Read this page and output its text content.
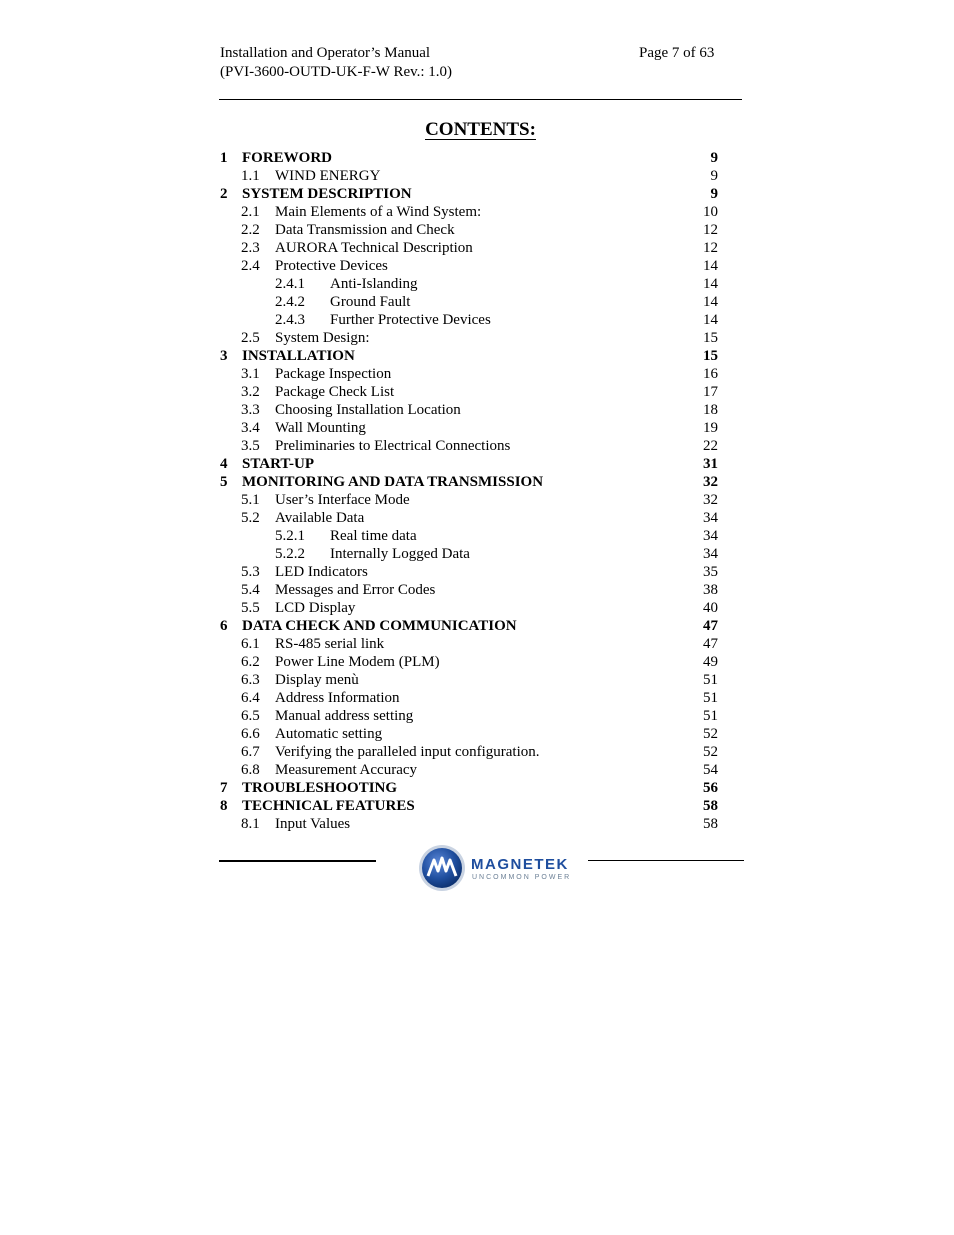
Installation and Operator’s Manual
(PVI-3600-OUTD-UK-F-W Rev.: 1.0)
Page 7 of 63
CONTENTS:
1 FOREWORD	9
1.1 WIND ENERGY	9
2 SYSTEM DESCRIPTION	9
2.1 Main Elements of a Wind System:	10
2.2 Data Transmission and Check	12
2.3 AURORA Technical Description	12
2.4 Protective Devices	14
2.4.1 Anti-Islanding	14
2.4.2 Ground Fault	14
2.4.3 Further Protective Devices	14
2.5 System Design:	15
3 INSTALLATION	15
3.1 Package Inspection	16
3.2 Package Check List	17
3.3 Choosing Installation Location	18
3.4 Wall Mounting	19
3.5 Preliminaries to Electrical Connections	22
4 START-UP	31
5 MONITORING AND DATA TRANSMISSION	32
5.1 User’s Interface Mode	32
5.2 Available Data	34
5.2.1 Real time data	34
5.2.2 Internally Logged Data	34
5.3 LED Indicators	35
5.4 Messages and Error Codes	38
5.5 LCD Display	40
6 DATA CHECK AND COMMUNICATION	47
6.1 RS-485 serial link	47
6.2 Power Line Modem (PLM)	49
6.3 Display menù	51
6.4 Address Information	51
6.5 Manual address setting	51
6.6 Automatic setting	52
6.7 Verifying the paralleled input configuration.	52
6.8 Measurement Accuracy	54
7 TROUBLESHOOTING	56
8 TECHNICAL FEATURES	58
8.1 Input Values	58
MAGNETEK
UNCOMMON POWER
